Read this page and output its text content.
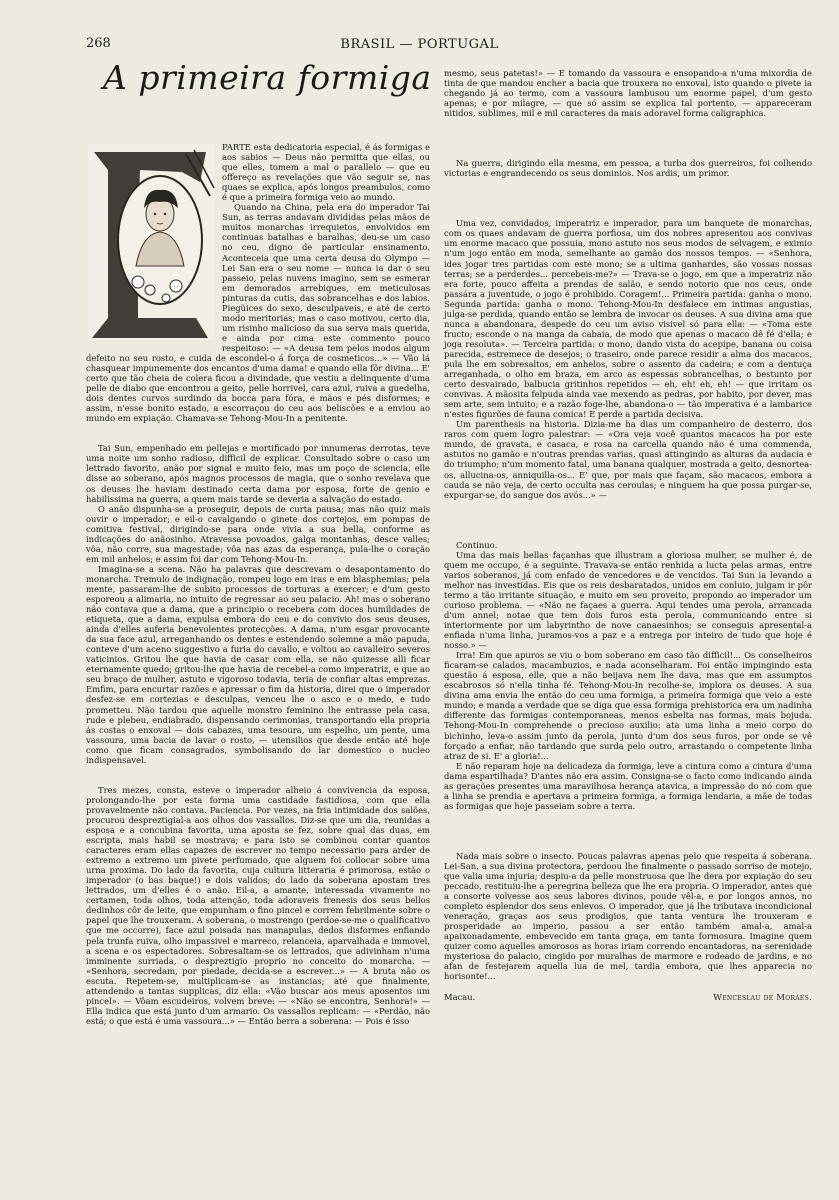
268	BRASIL — PORTUGAL
A primeira formiga

PARTE esta dedicatoria especial, é ás formigas e aos sabios — Deus não permitta que ellas, ou que elles, tomem a mal o parallelo — que eu offereço as revelações que vão seguir se, nas quaes se explica, após longos preambulos, como é que a primeira formiga veio ao mundo.

Quando na China, pela era do imperador Tai Sun, as terras andavam divididas pelas mãos de muitos monarchas irrequietos, envolvidos em continuas batalhas e baralhas, deu-se um caso no ceu, digno de particular ensinamento. Aconteceia que uma certa deusa do Olympo — Lei San era o seu nome — nunca ia dar o seu passeio, pelas nuvens imagino, sem se esmerar em demorados arrebiques, em meticulosas pinturas da cutis, das sobrancelhas e dos labios. Piegüices do sexo, desculpaveis, e até de certo modo meritorias; mas o caso motivou, certo dia, um risinho malicioso da sua serva mais querida, e ainda por cima este commento pouco respeitoso: — «A deusa tem pelos modos algum defeito no seu rosto, e cuida de escondel-o á força de cosmeticos...» — Vão lá chasquear impunemente dos encantos d'uma dama! e quando ella fôr divina... E' certo que tão cheia de colera ficou a divindade, que vestiu a delinquente d'uma pelle de diabo que encontrou a geito, pelle horrivel, cara azul, ruiva a guedelha, dois dentes curvos surdindo da bocca para fóra, e mãos e pés disformes; e assim, n'esse bonito estado, a escorraçou do ceu aos beliscões e a enviou ao mundo em expiação. Chamava-se Tehong-Mou-In a penitente.

Tai Sun, empenhado em pellejas e mortificado por innumeras derrotas, teve uma noite um sonho radioso, difficil de explicar. Consultado sobre o caso um lettrado favorito, anão por signal e muito feio, mas um poço de sciencia, elle disse ao soberano, após magnos processos de magia, que o sonho revelava que os deuses lhe haviam destinado certa dama por esposa, forte de genio e habilissima na guerra, a quem mais tarde se deveria a salvação do estado.

O anão dispunha-se a proseguir, depois de curta pausa; mas não quiz mais ouvir o imperador; e eil-o cavalgando o ginete dos cortejos, em pompas de comitiva festival, dirigindo-se para onde vivia a sua bella, conforme as indicações do anãosinho. Atravessa povoados, galga montanhas, desce valles; vôa, não corre, sua magestade; vôa nas azas da esperança, pula-lhe o coração em mil anhelos; e assim foi dar com Tehong-Mou-In.

Imagina-se a scena. Não ha palavras que descrevam o desapontamento do monarcha. Tremulo de indignação, rompeu logo em iras e em blasphemias; pela mente, passaram-lhe de subito processos de torturas a exercer; e d'um gesto esporeou a alimaria, no intuito de regressar ao seu palacio. Ah! mas o soberano não contava que a dama, que a principio o recebera com doces humildades de etiqueta, que a dama, expulsa embora do ceu e do convivio dos seus deuses, ainda d'elles auferia benevolentes protecções. A dama, n'um esgar provocante da sua face azul, arreganhando os dentes e estendendo solemne a mão papuda, conteve d'um aceno suggestivo a furia do cavallo, e voltou ao cavalleiro severos vaticinios. Gritou lhe que havia de casar com ella, se não quizesse alli ficar eternamente quedo; gritou-lhe que havia de recebel-a como imperatriz, e que ao seu braço de mulher, astuto e vigoroso todavia, teria de confiar altas emprezas. Emfim, para encurtar razões e apressar o fim da historia, direi que o imperador desfez-se em cortezias e desculpas, venceu lhe o asco e o medo, e tudo prometteu. Não tardou que aquelle monstro feminino lhe entrasse pela casa, rude e plebeu, endiabrado, dispensando cerimonias, transportando ella propria ás costas o enxoval — dois cabazes, uma tesoura, um espelho, um pente, uma vassoura, uma bacia de lavar o rosto, — utensilios que desde então até hoje como que ficam consagrados, symbolisando do lar domestico o nucleo indispensavel.

Tres mezes, consta, esteve o imperador alheio á convivencia da esposa, prolongando-lhe por esta forma uma castidade fastidiosa, com que ella provavelmente não contava. Paciencia. Por vezes, na fria intimidade dos salões, procurou despreztigial-a aos olhos dos vassallos. Diz-se que um dia, reunidas a esposa e a concubina favorita, uma aposta se fez, sobre qual das duas, em escripta, mais habil se mostrava; e para isto se combinou contar quantos caracteres eram ellas capazes de escrever no tempo necessario para arder de extremo a extremo um pivete perfumado, que alguem foi collocar sobre uma urna proxima. Do lado da favorita, cuja cultura litteraria é primorosa, estão o imperador (o bas baque!) e dois validos; do lado da soberana apostam tres lettrados, um d'elles é o anão. Eil-a, a amante, interessada vivamente no certamen, toda olhos, toda attenção, toda adoraveis frenesis dos seus bellos dedinhos côr de leite, que empunham o fino pincel e correm febrilmente sobre o papel que lhe trouxeram. A soberana, o mostrengo (perdoe-se-me o qualificativo que me occorre), face azul poisada nas manapulas, dedos disformes enfiando pela trunfa ruiva, olho impassivel e marreco, relanceia, aparvalhada e immovel, a scena e os espectadores. Sobresaltam-se os lettrados, que adivinham n'uma imminente surriada, o despreztigio proprio no conceito do monarcha. — «Senhora, secredam, por piedade, decida-se a escrever...» — A bruta não os escuta. Repetem-se, multiplicam-se as instancias; até que finalmente, attendendo a tantas supplicas, diz ella: «Vão buscar aos meus aposentos um pincel». — Vôam escudeiros, volvem breve: — «Não se encontra, Senhora!» — Ella indica que está junto d'um armario. Os vassallos replicam: — «Perdão, não está; o que está é uma vassoura...» — Então berra a soberana: — Pois é isso

mesmo, seus patetas!» — E tomando da vassoura e ensopando-a n'uma mixordia de tinta de que mandou encher a bacia que trouxera no enxoval, isto quando o pivete ia chegando já ao termo, com a vassoura lambusou um enorme papel, d'um gesto apenas; e por milagre, — que só assim se explica tal portento, — appareceram nitidos, sublimes, mil e mil caracteres da mais adoravel forma caligraphica.

Na guerra, dirigindo ella mesma, em pessoa, a turba dos guerreiros, foi colhendo victorias e engrandecendo os seus dominios. Nos ardis, um primor.

Uma vez, convidados, imperatriz e imperador, para um banquete de monarchas, com os quaes andavam de guerra porfiosa, um dos nobres apresentou aos convivas um enorme macaco que possuia, mono astuto nos seus modos de selvagem, e eximio n'um jogo então em moda, semelhante ao gamão dos nossos tempos. — «Senhora, ides jogar tres partidas com este mono; se a ultima ganhardes, são vossas nossas terras; se a perderdes... percebeis-me?» — Trava-se o jogo, em que a imperatriz não era forte, pouco affeita a prendas de salão, e sendo notorio que nos ceus, onde passára a juventude, o jogo é prohibido. Coragem!... Primeira partida: ganha o mono. Segunda partida: ganha o mono. Tehong-Mou-In desfalece em intimas angustias, julga-se perdida, quando então se lembra de invocar os deuses. A sua divina ama que nunca a abandonara, despede do ceu um aviso visivel só para ella: — «Toma este fructo; esconde o na manga da cabaia, de modo que apenas o macaco dê fé d'ella; e joga resoluta». — Terceira partida: o mono, dando vista do acepipe, banana ou coisa parecida, estremece de desejos; o traseiro, onde parece residir a alma dos macacos, pula lhe em sobresaltos, em anhelos, sobre o assento da cadeira; e com a dentuça arreganhada, o olho em braza, em arco as espessas sobrancelhas, o bestunto por certo desvairado, balbucia gritinhos repetidos — eh, eh! eh, eh! — que irritam os convivas. A mãosita felpuda ainda vae mexendo as pedras, por habito, por dever, mas sem arte, sem intuito; e a razão foge-lhe, abandona-o — tão imperativa é a lambarice n'estes figurões de fauna comica! E perde a partida decisiva.

Um parenthesis na historia. Dizia-me ha dias um companheiro de desterro, dos raros com quem logro palestrar: — «Ora veja você quantos macacos ha por este mundo, de gravata, e casaca, e rosa na carcella quando não é uma commenda, astutos no gamão e n'outras prendas varias, quasi attingindo as alturas da audacia e do triumpho; n'um momento fatal, uma banana qualquer, mostrada a geito, desnortea-os, allucina-os, anniquilla-os... E' que, por mais que façam, são macacos, embora a cauda se não veja, de certo occulta nas ceroulas; e ninguem ha que possa purgar-se, expurgar-se, do sangue dos avós...» —

Continuo.

Uma das mais bellas façanhas que illustram a gloriosa mulher, se mulher é, de quem me occupo, é a seguinte. Travava-se então renhida a lucta pelas armas, entre varios soberanos, já com enfado de vencedores e de vencidos. Tai Sun ia levando a melhor nas investidas. Eis que os reis desbaratados, unidos em conluio, julgam ir pôr termo a tão irritante situação, e muito em seu proveito, propondo ao imperador um curioso problema. — «Não ne façaes a guerra. Aqui tendes uma perola, arrancada d'um annel; notae que tem dois furos esta perola, communicando entre si interiormente por um labyrintho de nove canaesinhos; se conseguis apresental-a enfiada n'uma linha, juramos-vos a paz e a entrega por inteiro de tudo que hoje é nosso.» —

Irra! Em que apuros se viu o bom soberano em caso tão difficil!... Os conselheiros ficaram-se calados, macambuzios, e nada aconselharam. Foi então impingindo esta questão á esposa, elle, que a não beijava nem lhe dava, mas que em assumptos escabrosos só n'ella tinha fé. Tehong-Mou-In recolhe-se, implora os deuses. A sua divina ama envia lhe então do ceu uma formiga, a primeira formiga que veio a este mundo; e manda a verdade que se diga que essa formiga prehistorica era um nadinha differente das formigas contemporaneas, menos esbelta nas formas, mais bojuda. Tehong-Mou-In comprehende o precioso auxilio: ata uma linha a meio corpo do bichinho, leva-o assim junto da perola, junto d'um dos seus furos, por onde se vê forçado a enfiar, não tardando que surda pelo outro, arrastando o competente linha atraz de si. E' a gloria!...

E não reparam hoje na delicadeza da formiga, leve a cintura como a cintura d'uma dama espartilhada? D'antes não era assim. Consigna-se o facto como indicando ainda as gerações presentes uma maravilhosa herança atavica, a impressão do nó com que a linha se prendia e apertava a primeira formiga, a formiga lendaria, a mãe de todas as formigas que hoje passeiam sobre a terra.

Nada mais sobre o insecto. Poucas palavras apenas pelo que respeita á soberana. Lei-San, a sua divina protectora, perdoou lhe finalmente o passado sorriso de motejo, que valia uma injuria; despiu-a da pelle monstruosa que lhe dera por expiação do seu peccado, restituiu-lhe a peregrina belleza que lhe era propria. O imperador, antes que a consorte volvesse aos seus labores divinos, poude vêl-a, e por longos annos, no completo esplendor dos seus enlevos. O imperador, que já lhe tributava incondicional veneração, graças aos seus prodigios, que tanta ventura lhe trouxeram e prosperidade ao imperio, passou a ser então também amal-a, amal-a apaixonadamente, embevecido em tanta graça, em tanta formosura. Imagine quem quizer como aquelles amorosos as horas iriam correndo encantadoras, na serenidade mysteriosa do palacio, cingido por muralhas de marmore e rodeado de jardins, e no afan de festejarem aquella lua de mel, tardia embora, que lhes apparecia no horisonte!...

Macau.	Wenceslau de Moraes.
